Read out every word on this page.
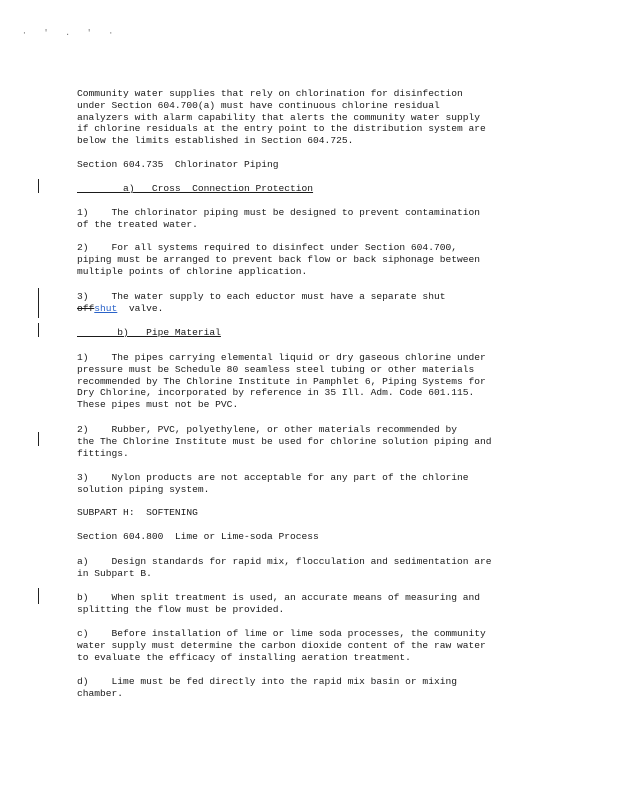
· ' . ' ·

Community water supplies that rely on chlorination for disinfection
under Section 604.700(a) must have continuous chlorine residual
analyzers with alarm capability that alerts the community water supply
if chlorine residuals at the entry point to the distribution system are
below the limits established in Section 604.725.

Section 604.735  Chlorinator Piping

a)   Cross  Connection Protection

1)    The chlorinator piping must be designed to prevent contamination
of the treated water.

2)    For all systems required to disinfect under Section 604.700,
piping must be arranged to prevent back flow or back siphonage between
multiple points of chlorine application.

3)    The water supply to each eductor must have a separate shut
offshut  valve.

b)   Pipe Material

1)    The pipes carrying elemental liquid or dry gaseous chlorine under
pressure must be Schedule 80 seamless steel tubing or other materials
recommended by The Chlorine Institute in Pamphlet 6, Piping Systems for
Dry Chlorine, incorporated by reference in 35 Ill. Adm. Code 601.115.
These pipes must not be PVC.

2)    Rubber, PVC, polyethylene, or other materials recommended by
the The Chlorine Institute must be used for chlorine solution piping and
fittings.

3)    Nylon products are not acceptable for any part of the chlorine
solution piping system.

SUBPART H:  SOFTENING

Section 604.800  Lime or Lime-soda Process

a)    Design standards for rapid mix, flocculation and sedimentation are
in Subpart B.

b)    When split treatment is used, an accurate means of measuring and
splitting the flow must be provided.

c)    Before installation of lime or lime soda processes, the community
water supply must determine the carbon dioxide content of the raw water
to evaluate the efficacy of installing aeration treatment.

d)    Lime must be fed directly into the rapid mix basin or mixing
chamber.
